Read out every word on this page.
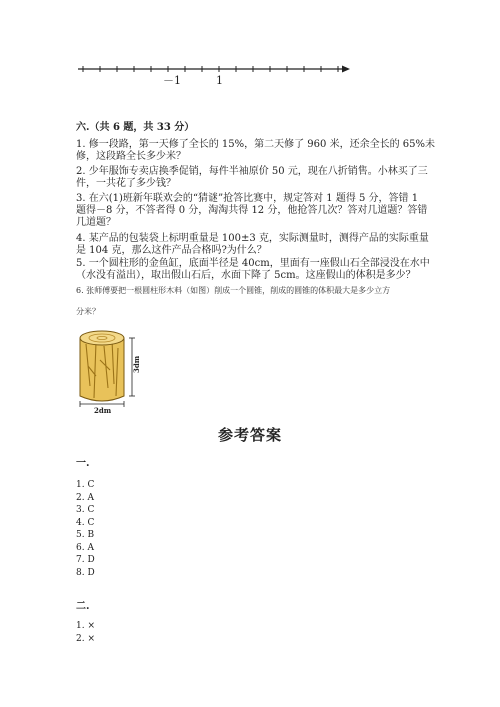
－1	1
六.（共 6 题，共 33 分）
1. 修一段路，第一天修了全长的 15%，第二天修了 960 米，还余全长的 65%未
修，这段路全长多少米？
2. 少年服饰专卖店换季促销，每件半袖原价 50 元，现在八折销售。小林买了三
件，一共花了多少钱？
3. 在六(1)班新年联欢会的“猜谜”抢答比赛中，规定答对 1 题得 5 分，答错 1
题得－8 分，不答者得 0 分，淘淘共得 12 分，他抢答几次？答对几道题？答错
几道题？
4. 某产品的包装袋上标明重量是 100±3 克，实际测量时，测得产品的实际重量
是 104 克，那么这件产品合格吗?为什么？
5. 一个圆柱形的金鱼缸，底面半径是 40cm，里面有一座假山石全部浸没在水中
（水没有溢出），取出假山石后，水面下降了 5cm。这座假山的体积是多少？
6. 张师傅要把一根圆柱形木料（如图）削成一个圆锥，削成的圆锥的体积最大是多少立方
分米？
3dm
2dm
参考答案
一.
1. C
2. A
3. C
4. C
5. B
6. A
7. D
8. D
二.
1. ×
2. ×
